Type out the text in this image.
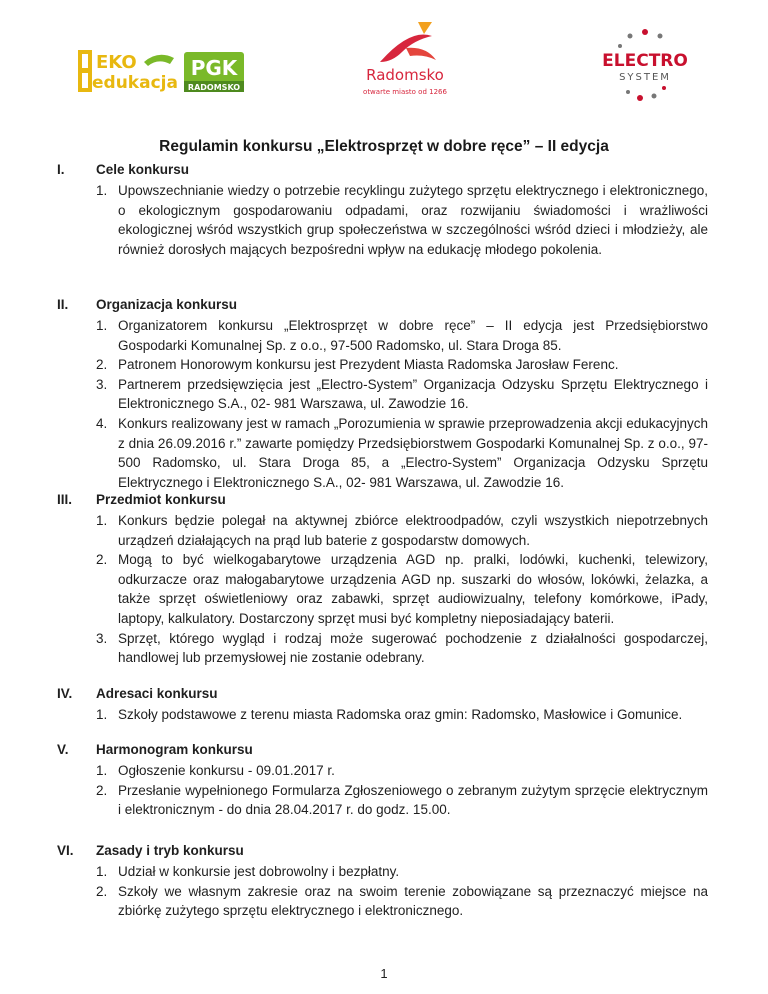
EKO
edukacja
PGK
RADOMSKO
Radomsko
otwarte miasto od 1266
ELECTRO
SYSTEM
Regulamin konkursu „Elektrosprzęt w dobre ręce” – II edycja
I. Cele konkursu
1. Upowszechnianie wiedzy o potrzebie recyklingu zużytego sprzętu elektrycznego i elektronicznego, o ekologicznym gospodarowaniu odpadami, oraz rozwijaniu świadomości i wrażliwości ekologicznej wśród wszystkich grup społeczeństwa w szczególności wśród dzieci i młodzieży, ale również dorosłych mających bezpośredni wpływ na edukację młodego pokolenia.
II. Organizacja konkursu
1. Organizatorem konkursu „Elektrosprzęt w dobre ręce” – II edycja jest Przedsiębiorstwo Gospodarki Komunalnej Sp. z o.o., 97-500 Radomsko, ul. Stara Droga 85.
2. Patronem Honorowym konkursu jest Prezydent Miasta Radomska Jarosław Ferenc.
3. Partnerem przedsięwzięcia jest „Electro-System” Organizacja Odzysku Sprzętu Elektrycznego i Elektronicznego S.A., 02- 981 Warszawa, ul. Zawodzie 16.
4. Konkurs realizowany jest w ramach „Porozumienia w sprawie przeprowadzenia akcji edukacyjnych z dnia 26.09.2016 r.” zawarte pomiędzy Przedsiębiorstwem Gospodarki Komunalnej Sp. z o.o., 97-500 Radomsko, ul. Stara Droga 85, a „Electro-System” Organizacja Odzysku Sprzętu Elektrycznego i Elektronicznego S.A., 02- 981 Warszawa, ul. Zawodzie 16.
III. Przedmiot konkursu
1. Konkurs będzie polegał na aktywnej zbiórce elektroodpadów, czyli wszystkich niepotrzebnych urządzeń działających na prąd lub baterie z gospodarstw domowych.
2. Mogą to być wielkogabarytowe urządzenia AGD np. pralki, lodówki, kuchenki, telewizory, odkurzacze oraz małogabarytowe urządzenia AGD np. suszarki do włosów, lokówki, żelazka, a także sprzęt oświetleniowy oraz zabawki, sprzęt audiowizualny, telefony komórkowe, iPady, laptopy, kalkulatory. Dostarczony sprzęt musi być kompletny nieposiadający baterii.
3. Sprzęt, którego wygląd i rodzaj może sugerować pochodzenie z działalności gospodarczej, handlowej lub przemysłowej nie zostanie odebrany.
IV. Adresaci konkursu
1. Szkoły podstawowe z terenu miasta Radomska oraz gmin: Radomsko, Masłowice i Gomunice.
V. Harmonogram konkursu
1. Ogłoszenie konkursu - 09.01.2017 r.
2. Przesłanie wypełnionego Formularza Zgłoszeniowego o zebranym zużytym sprzęcie elektrycznym i elektronicznym - do dnia 28.04.2017 r. do godz. 15.00.
VI. Zasady i tryb konkursu
1. Udział w konkursie jest dobrowolny i bezpłatny.
2. Szkoły we własnym zakresie oraz na swoim terenie zobowiązane są przeznaczyć miejsce na zbiórkę zużytego sprzętu elektrycznego i elektronicznego.
1
